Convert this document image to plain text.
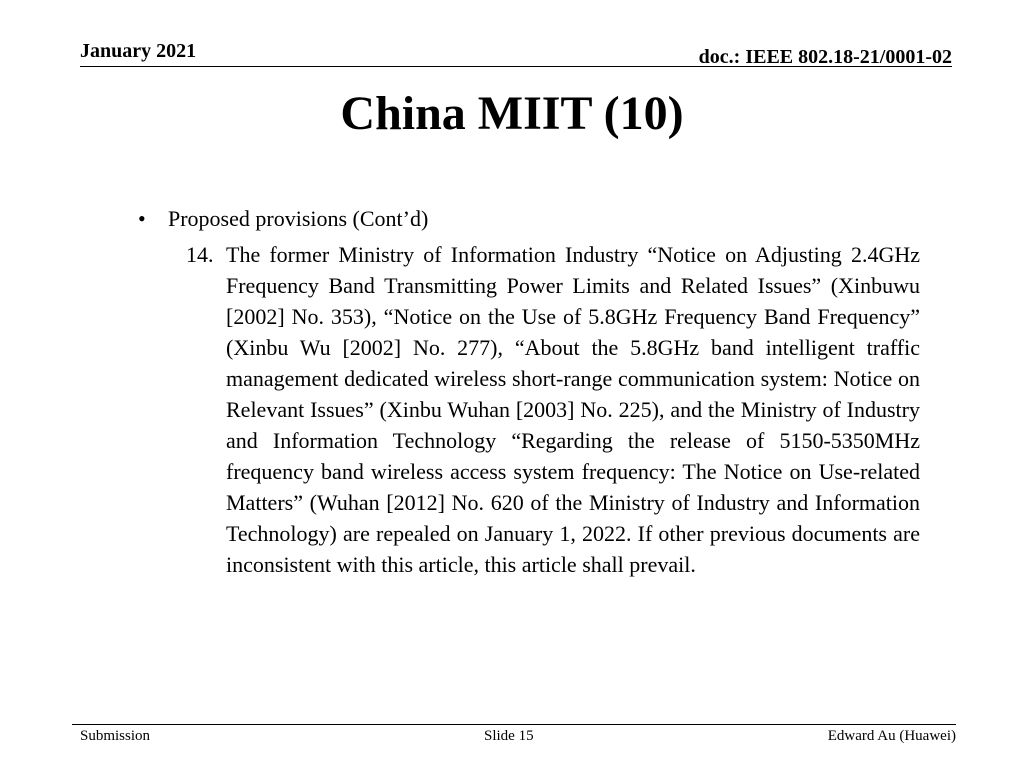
January 2021	doc.: IEEE 802.18-21/0001-02
China MIIT (10)
•	Proposed provisions (Cont’d)
14. The former Ministry of Information Industry “Notice on Adjusting 2.4GHz Frequency Band Transmitting Power Limits and Related Issues” (Xinbuwu [2002] No. 353), “Notice on the Use of 5.8GHz Frequency Band Frequency” (Xinbu Wu [2002] No. 277), “About the 5.8GHz band intelligent traffic management dedicated wireless short-range communication system: Notice on Relevant Issues” (Xinbu Wuhan [2003] No. 225), and the Ministry of Industry and Information Technology “Regarding the release of 5150-5350MHz frequency band wireless access system frequency: The Notice on Use-related Matters” (Wuhan [2012] No. 620 of the Ministry of Industry and Information Technology) are repealed on January 1, 2022. If other previous documents are inconsistent with this article, this article shall prevail.
Submission	Slide 15	Edward Au (Huawei)
